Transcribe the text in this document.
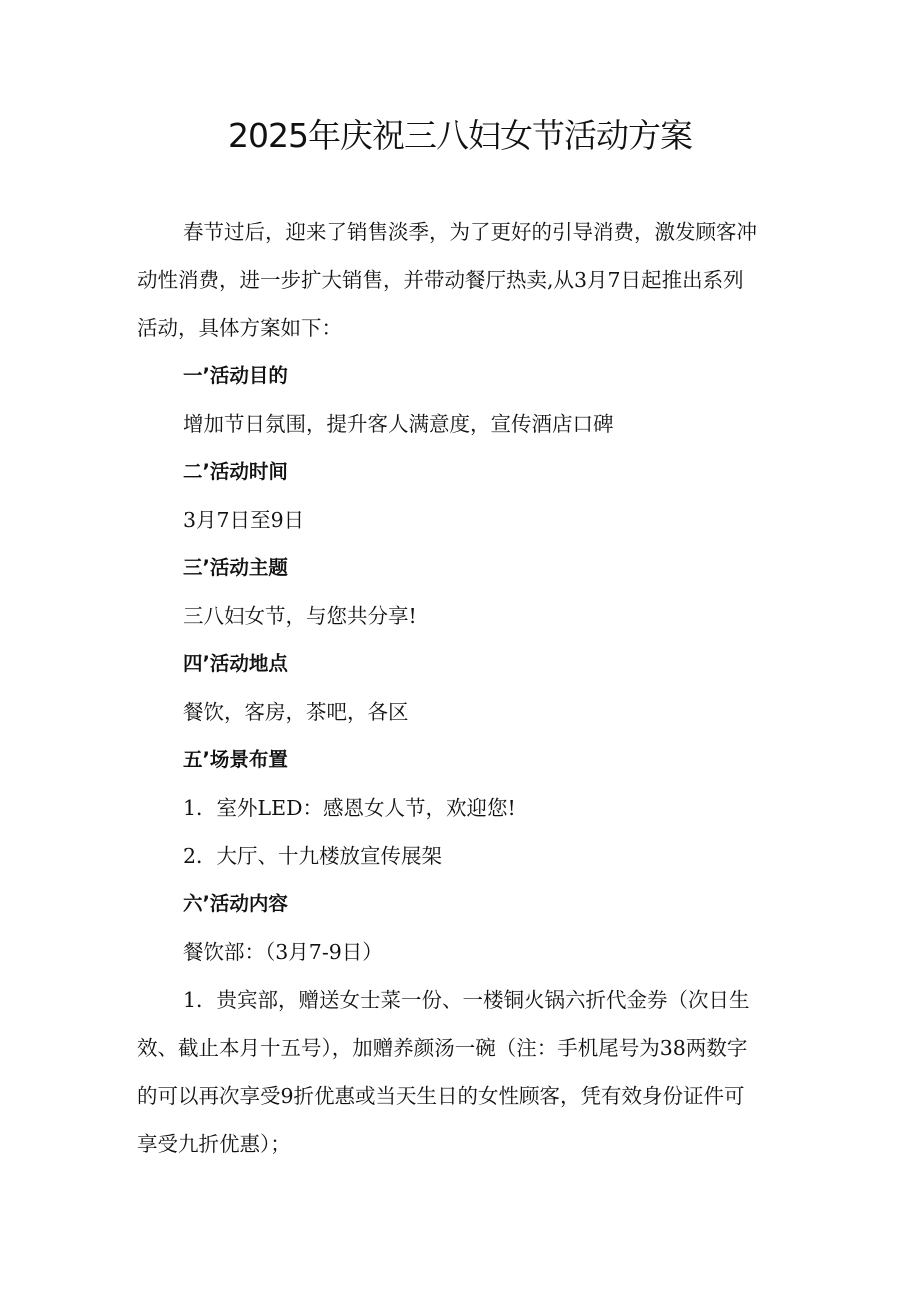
2025年庆祝三八妇女节活动方案
春节过后，迎来了销售淡季，为了更好的引导消费，激发顾客冲
动性消费，进一步扩大销售，并带动餐厅热卖,从3月7日起推出系列
活动，具体方案如下：
一’活动目的
增加节日氛围，提升客人满意度，宣传酒店口碑
二’活动时间
3月7日至9日
三’活动主题
三八妇女节，与您共分享!
四’活动地点
餐饮，客房，茶吧，各区
五’场景布置
1．室外LED：感恩女人节，欢迎您!
2．大厅、十九楼放宣传展架
六’活动内容
餐饮部：（3月7-9日）
1．贵宾部，赠送女士菜一份、一楼铜火锅六折代金券（次日生
效、截止本月十五号），加赠养颜汤一碗（注：手机尾号为38两数字
的可以再次享受9折优惠或当天生日的女性顾客，凭有效身份证件可
享受九折优惠）；
